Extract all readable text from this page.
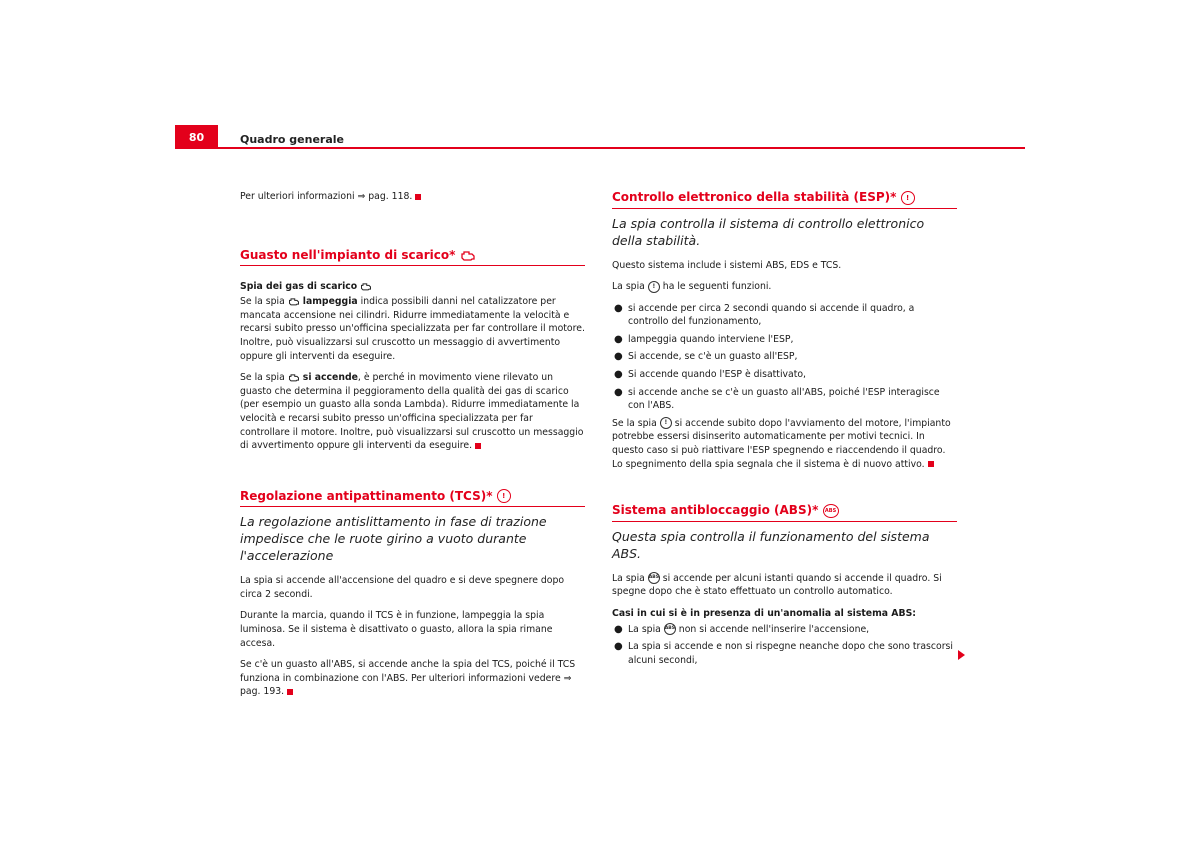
80	Quadro generale

Per ulteriori informazioni ⇒ pag. 118.

Guasto nell'impianto di scarico*

Spia dei gas di scarico

Se la spia lampeggia indica possibili danni nel catalizzatore per mancata accensione nei cilindri. Ridurre immediatamente la velocità e recarsi subito presso un'officina specializzata per far controllare il motore. Inoltre, può visualizzarsi sul cruscotto un messaggio di avvertimento oppure gli interventi da eseguire.

Se la spia si accende, è perché in movimento viene rilevato un guasto che determina il peggioramento della qualità dei gas di scarico (per esempio un guasto alla sonda Lambda). Ridurre immediatamente la velocità e recarsi subito presso un'officina specializzata per far controllare il motore. Inoltre, può visualizzarsi sul cruscotto un messaggio di avvertimento oppure gli interventi da eseguire.

Regolazione antipattinamento (TCS)* !

La regolazione antislittamento in fase di trazione impedisce che le ruote girino a vuoto durante l'accelerazione

La spia si accende all'accensione del quadro e si deve spegnere dopo circa 2 secondi.

Durante la marcia, quando il TCS è in funzione, lampeggia la spia luminosa. Se il sistema è disattivato o guasto, allora la spia rimane accesa.

Se c'è un guasto all'ABS, si accende anche la spia del TCS, poiché il TCS funziona in combinazione con l'ABS. Per ulteriori informazioni vedere ⇒ pag. 193.

Controllo elettronico della stabilità (ESP)* !

La spia controlla il sistema di controllo elettronico della stabilità.

Questo sistema include i sistemi ABS, EDS e TCS.

La spia ! ha le seguenti funzioni.

● si accende per circa 2 secondi quando si accende il quadro, a controllo del funzionamento,
● lampeggia quando interviene l'ESP,
● Si accende, se c'è un guasto all'ESP,
● Si accende quando l'ESP è disattivato,
● si accende anche se c'è un guasto all'ABS, poiché l'ESP interagisce con l'ABS.

Se la spia ! si accende subito dopo l'avviamento del motore, l'impianto potrebbe essersi disinserito automaticamente per motivi tecnici. In questo caso si può riattivare l'ESP spegnendo e riaccendendo il quadro. Lo spegnimento della spia segnala che il sistema è di nuovo attivo.

Sistema antibloccaggio (ABS)* ABS

Questa spia controlla il funzionamento del sistema ABS.

La spia ABS si accende per alcuni istanti quando si accende il quadro. Si spegne dopo che è stato effettuato un controllo automatico.

Casi in cui si è in presenza di un'anomalia al sistema ABS:

● La spia ABS non si accende nell'inserire l'accensione,
● La spia si accende e non si rispegne neanche dopo che sono trascorsi alcuni secondi,
